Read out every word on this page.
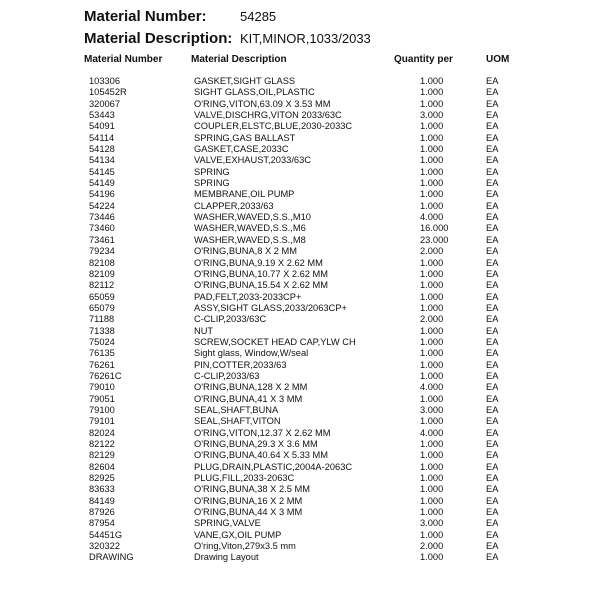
Material Number:	54285
Material Description: KIT,MINOR,1033/2033
Material Number	Material Description	Quantity per	UOM
103306	GASKET,SIGHT GLASS	1.000	EA
105452R	SIGHT GLASS,OIL,PLASTIC	1.000	EA
320067	O'RING,VITON,63.09 X 3.53 MM	1.000	EA
53443	VALVE,DISCHRG,VITON 2033/63C	3.000	EA
54091	COUPLER,ELSTC,BLUE,2030-2033C	1.000	EA
54114	SPRING,GAS BALLAST	1.000	EA
54128	GASKET,CASE,2033C	1.000	EA
54134	VALVE,EXHAUST,2033/63C	1.000	EA
54145	SPRING	1.000	EA
54149	SPRING	1.000	EA
54196	MEMBRANE,OIL PUMP	1.000	EA
54224	CLAPPER,2033/63	1.000	EA
73446	WASHER,WAVED,S.S.,M10	4.000	EA
73460	WASHER,WAVED,S.S.,M6	16.000	EA
73461	WASHER,WAVED,S.S.,M8	23.000	EA
79234	O'RING,BUNA,8 X 2 MM	2.000	EA
82108	O'RING,BUNA,9.19 X 2.62 MM	1.000	EA
82109	O'RING,BUNA,10.77 X 2.62 MM	1.000	EA
82112	O'RING,BUNA,15.54 X 2.62 MM	1.000	EA
65059	PAD,FELT,2033-2033CP+	1.000	EA
65079	ASSY,SIGHT GLASS,2033/2063CP+	1.000	EA
71188	C-CLIP,2033/63C	2.000	EA
71338	NUT	1.000	EA
75024	SCREW,SOCKET HEAD CAP,YLW CH	1.000	EA
76135	Sight glass, Window,W/seal	1.000	EA
76261	PIN,COTTER,2033/63	1.000	EA
76261C	C-CLIP,2033/63	1.000	EA
79010	O'RING,BUNA,128 X 2 MM	4.000	EA
79051	O'RING,BUNA,41 X 3 MM	1.000	EA
79100	SEAL,SHAFT,BUNA	3.000	EA
79101	SEAL,SHAFT,VITON	1.000	EA
82024	O'RING,VITON,12.37 X 2.62 MM	4.000	EA
82122	O'RING,BUNA,29.3 X 3.6 MM	1.000	EA
82129	O'RING,BUNA,40.64 X 5.33 MM	1.000	EA
82604	PLUG,DRAIN,PLASTIC,2004A-2063C	1.000	EA
82925	PLUG,FILL,2033-2063C	1.000	EA
83633	O'RING,BUNA,38 X 2.5 MM	1.000	EA
84149	O'RING,BUNA,16 X 2 MM	1.000	EA
87926	O'RING,BUNA,44 X 3 MM	1.000	EA
87954	SPRING,VALVE	3.000	EA
54451G	VANE,GX,OIL PUMP	1.000	EA
320322	O'ring,Viton,279x3.5 mm	2.000	EA
DRAWING	Drawing Layout	1.000	EA
